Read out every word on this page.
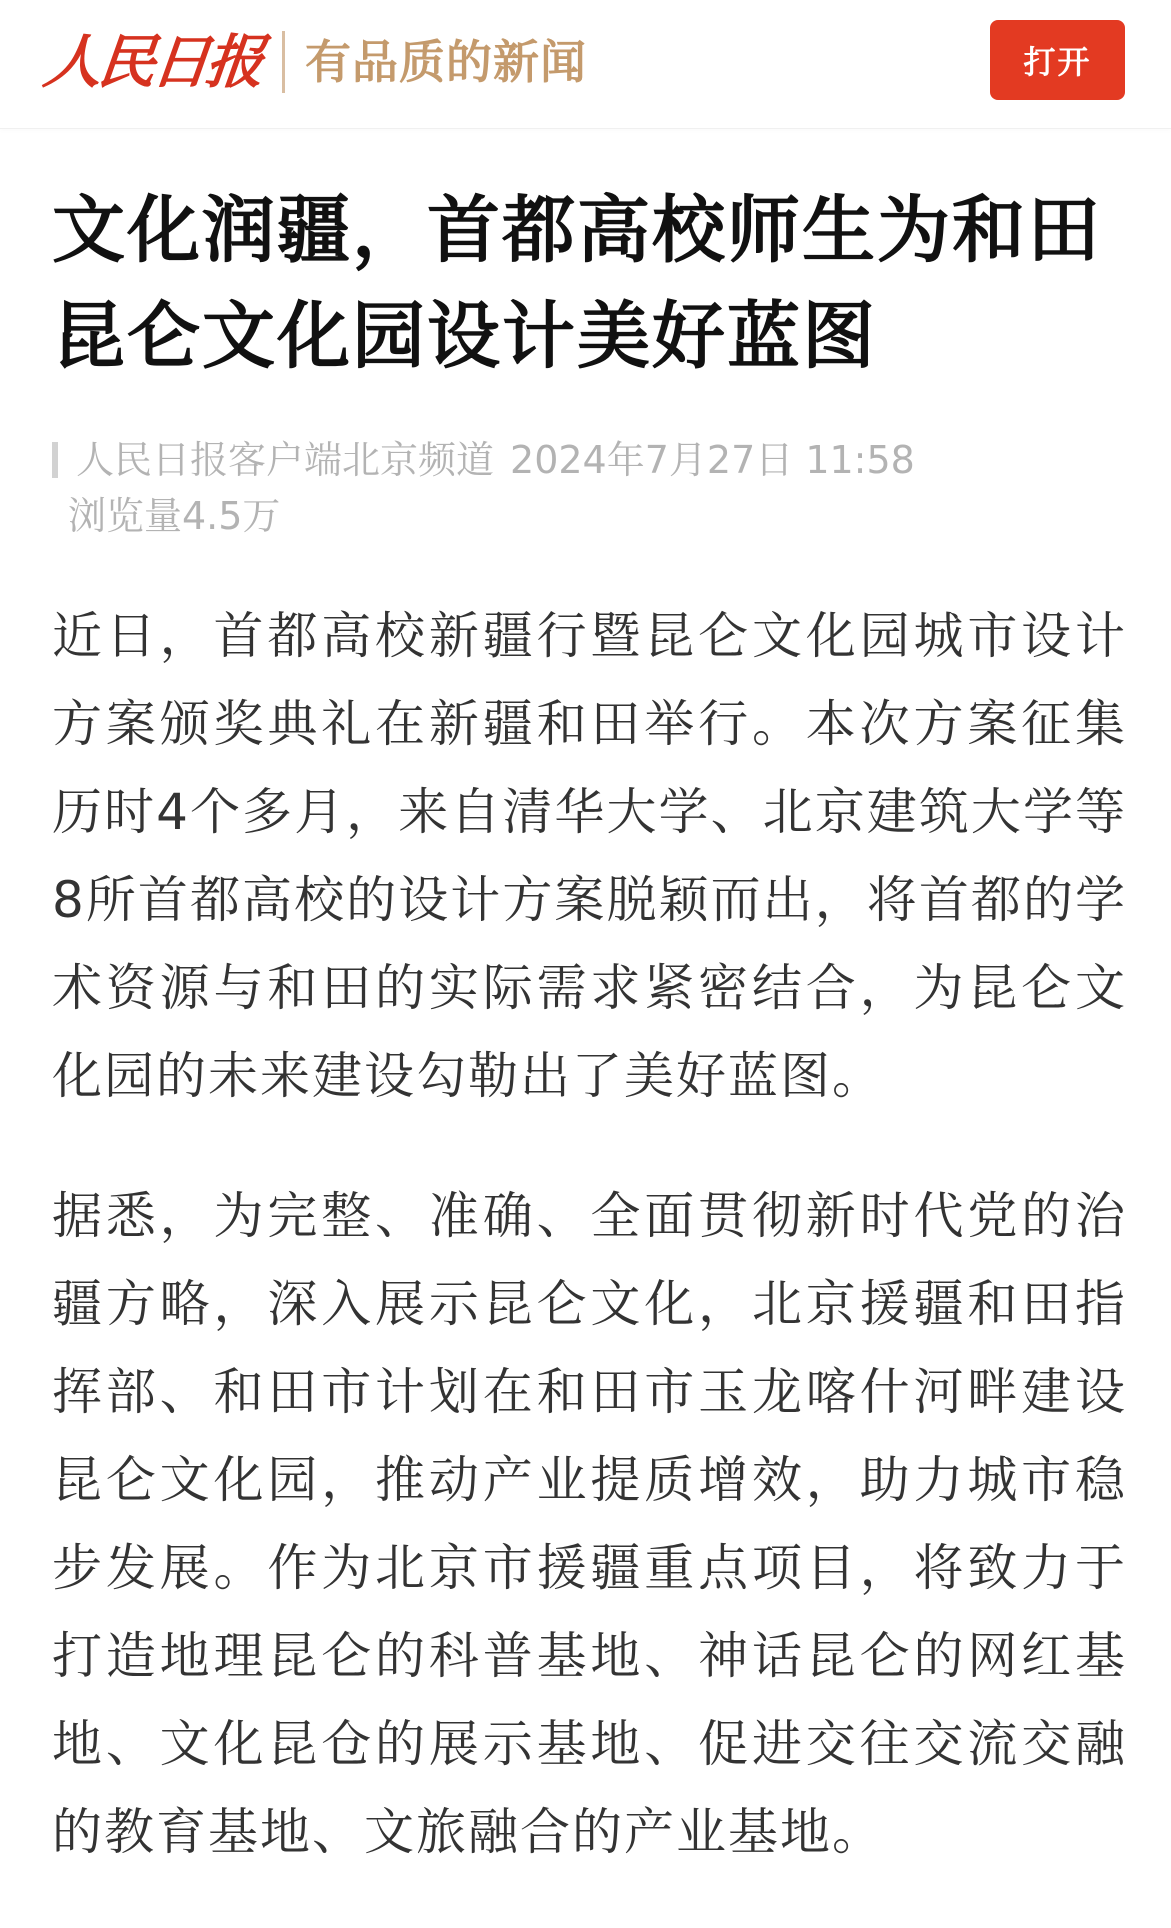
人民日报 有品质的新闻	打开
文化润疆，首都高校师生为和田昆仑文化园设计美好蓝图
人民日报客户端北京频道 2024年7月27日 11:58
浏览量4.5万

近日，首都高校新疆行暨昆仑文化园城市设计方案颁奖典礼在新疆和田举行。本次方案征集历时4个多月，来自清华大学、北京建筑大学等8所首都高校的设计方案脱颖而出，将首都的学术资源与和田的实际需求紧密结合，为昆仑文化园的未来建设勾勒出了美好蓝图。

据悉，为完整、准确、全面贯彻新时代党的治疆方略，深入展示昆仑文化，北京援疆和田指挥部、和田市计划在和田市玉龙喀什河畔建设昆仑文化园，推动产业提质增效，助力城市稳步发展。作为北京市援疆重点项目，将致力于打造地理昆仑的科普基地、神话昆仑的网红基地、文化昆仓的展示基地、促进交往交流交融的教育基地、文旅融合的产业基地。
